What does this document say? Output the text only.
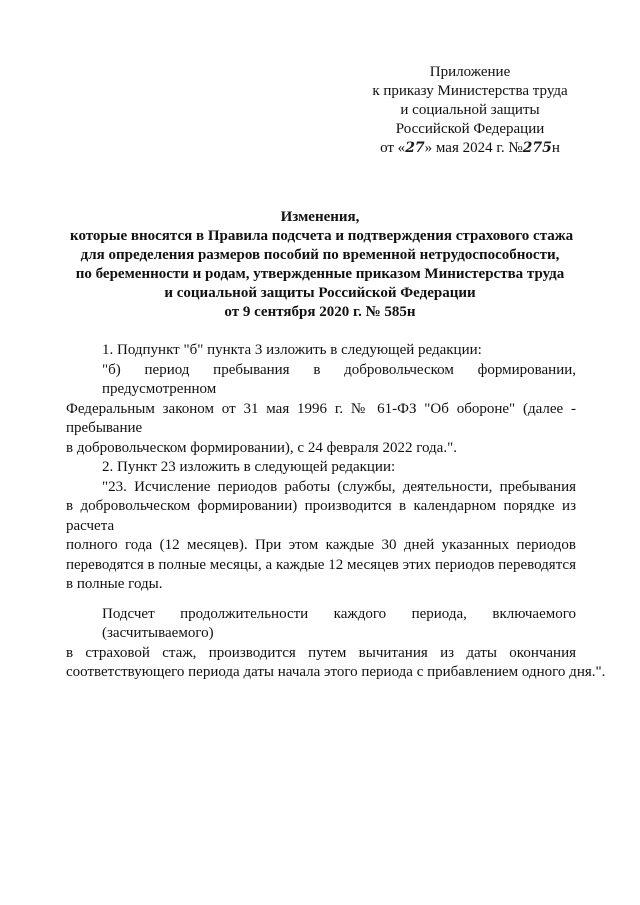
Приложение
к приказу Министерства труда
и социальной защиты
Российской Федерации
от «27» мая 2024 г. №275н
Изменения,
которые вносятся в Правила подсчета и подтверждения страхового стажа
для определения размеров пособий по временной нетрудоспособности,
по беременности и родам, утвержденные приказом Министерства труда
и социальной защиты Российской Федерации
от 9 сентября 2020 г. № 585н
1. Подпункт "б" пункта 3 изложить в следующей редакции:
"б) период пребывания в добровольческом формировании, предусмотренном
Федеральным законом от 31 мая 1996 г. № 61-ФЗ "Об обороне" (далее - пребывание
в добровольческом формировании), с 24 февраля 2022 года.".
2. Пункт 23 изложить в следующей редакции:
"23. Исчисление периодов работы (службы, деятельности, пребывания
в добровольческом формировании) производится в календарном порядке из расчета
полного года (12 месяцев). При этом каждые 30 дней указанных периодов
переводятся в полные месяцы, а каждые 12 месяцев этих периодов переводятся
в полные годы.
Подсчет продолжительности каждого периода, включаемого (засчитываемого)
в страховой стаж, производится путем вычитания из даты окончания
соответствующего периода даты начала этого периода с прибавлением одного дня.".
